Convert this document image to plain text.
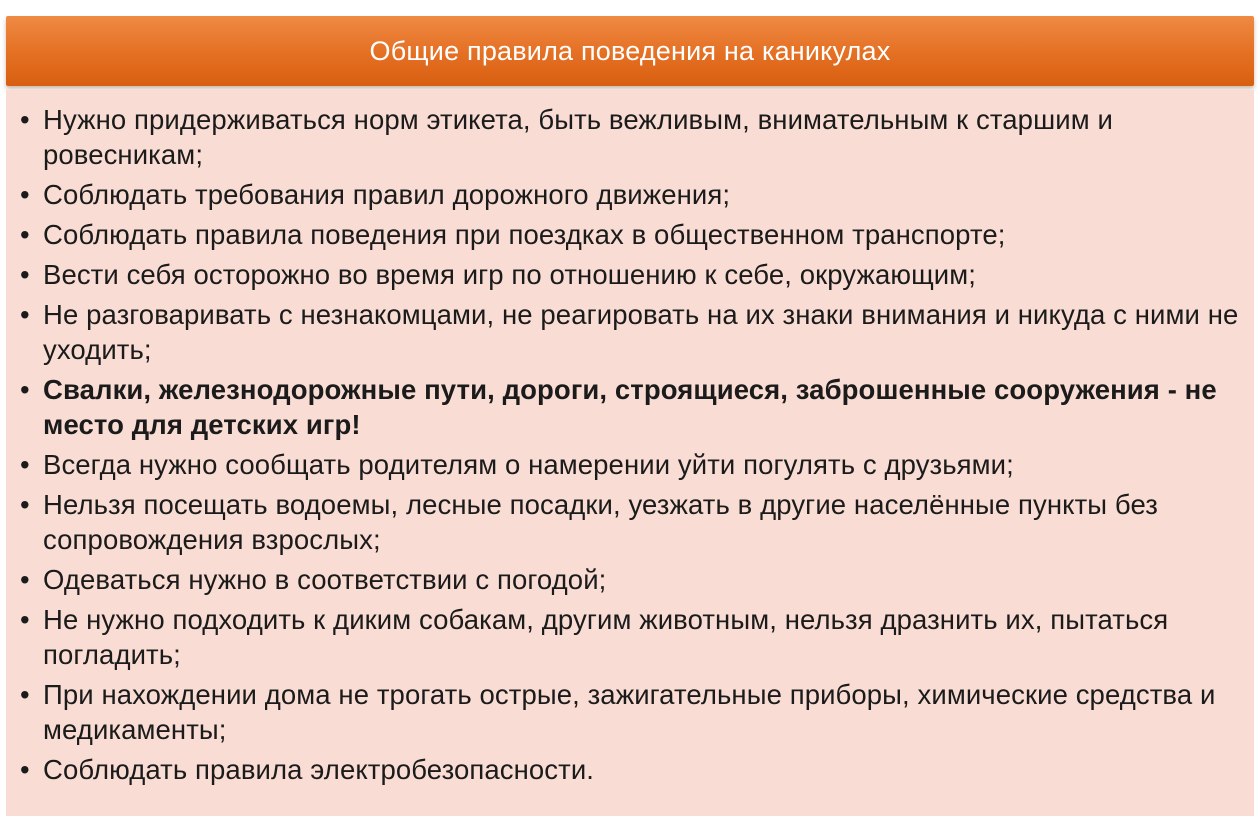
Общие правила поведения на каникулах
• Нужно придерживаться норм этикета, быть вежливым, внимательным к старшим и ровесникам;
• Соблюдать требования правил дорожного движения;
• Соблюдать правила поведения при поездках в общественном транспорте;
• Вести себя осторожно во время игр по отношению к себе, окружающим;
• Не разговаривать с незнакомцами, не реагировать на их знаки внимания и никуда с ними не уходить;
• Свалки, железнодорожные пути, дороги, строящиеся, заброшенные сооружения - не место для детских игр!
• Всегда нужно сообщать родителям о намерении уйти погулять с друзьями;
• Нельзя посещать водоемы, лесные посадки, уезжать в другие населённые пункты без сопровождения взрослых;
• Одеваться нужно в соответствии с погодой;
• Не нужно подходить к диким собакам, другим животным, нельзя дразнить их, пытаться погладить;
• При нахождении дома не трогать острые, зажигательные приборы, химические средства и медикаменты;
• Соблюдать правила электробезопасности.
